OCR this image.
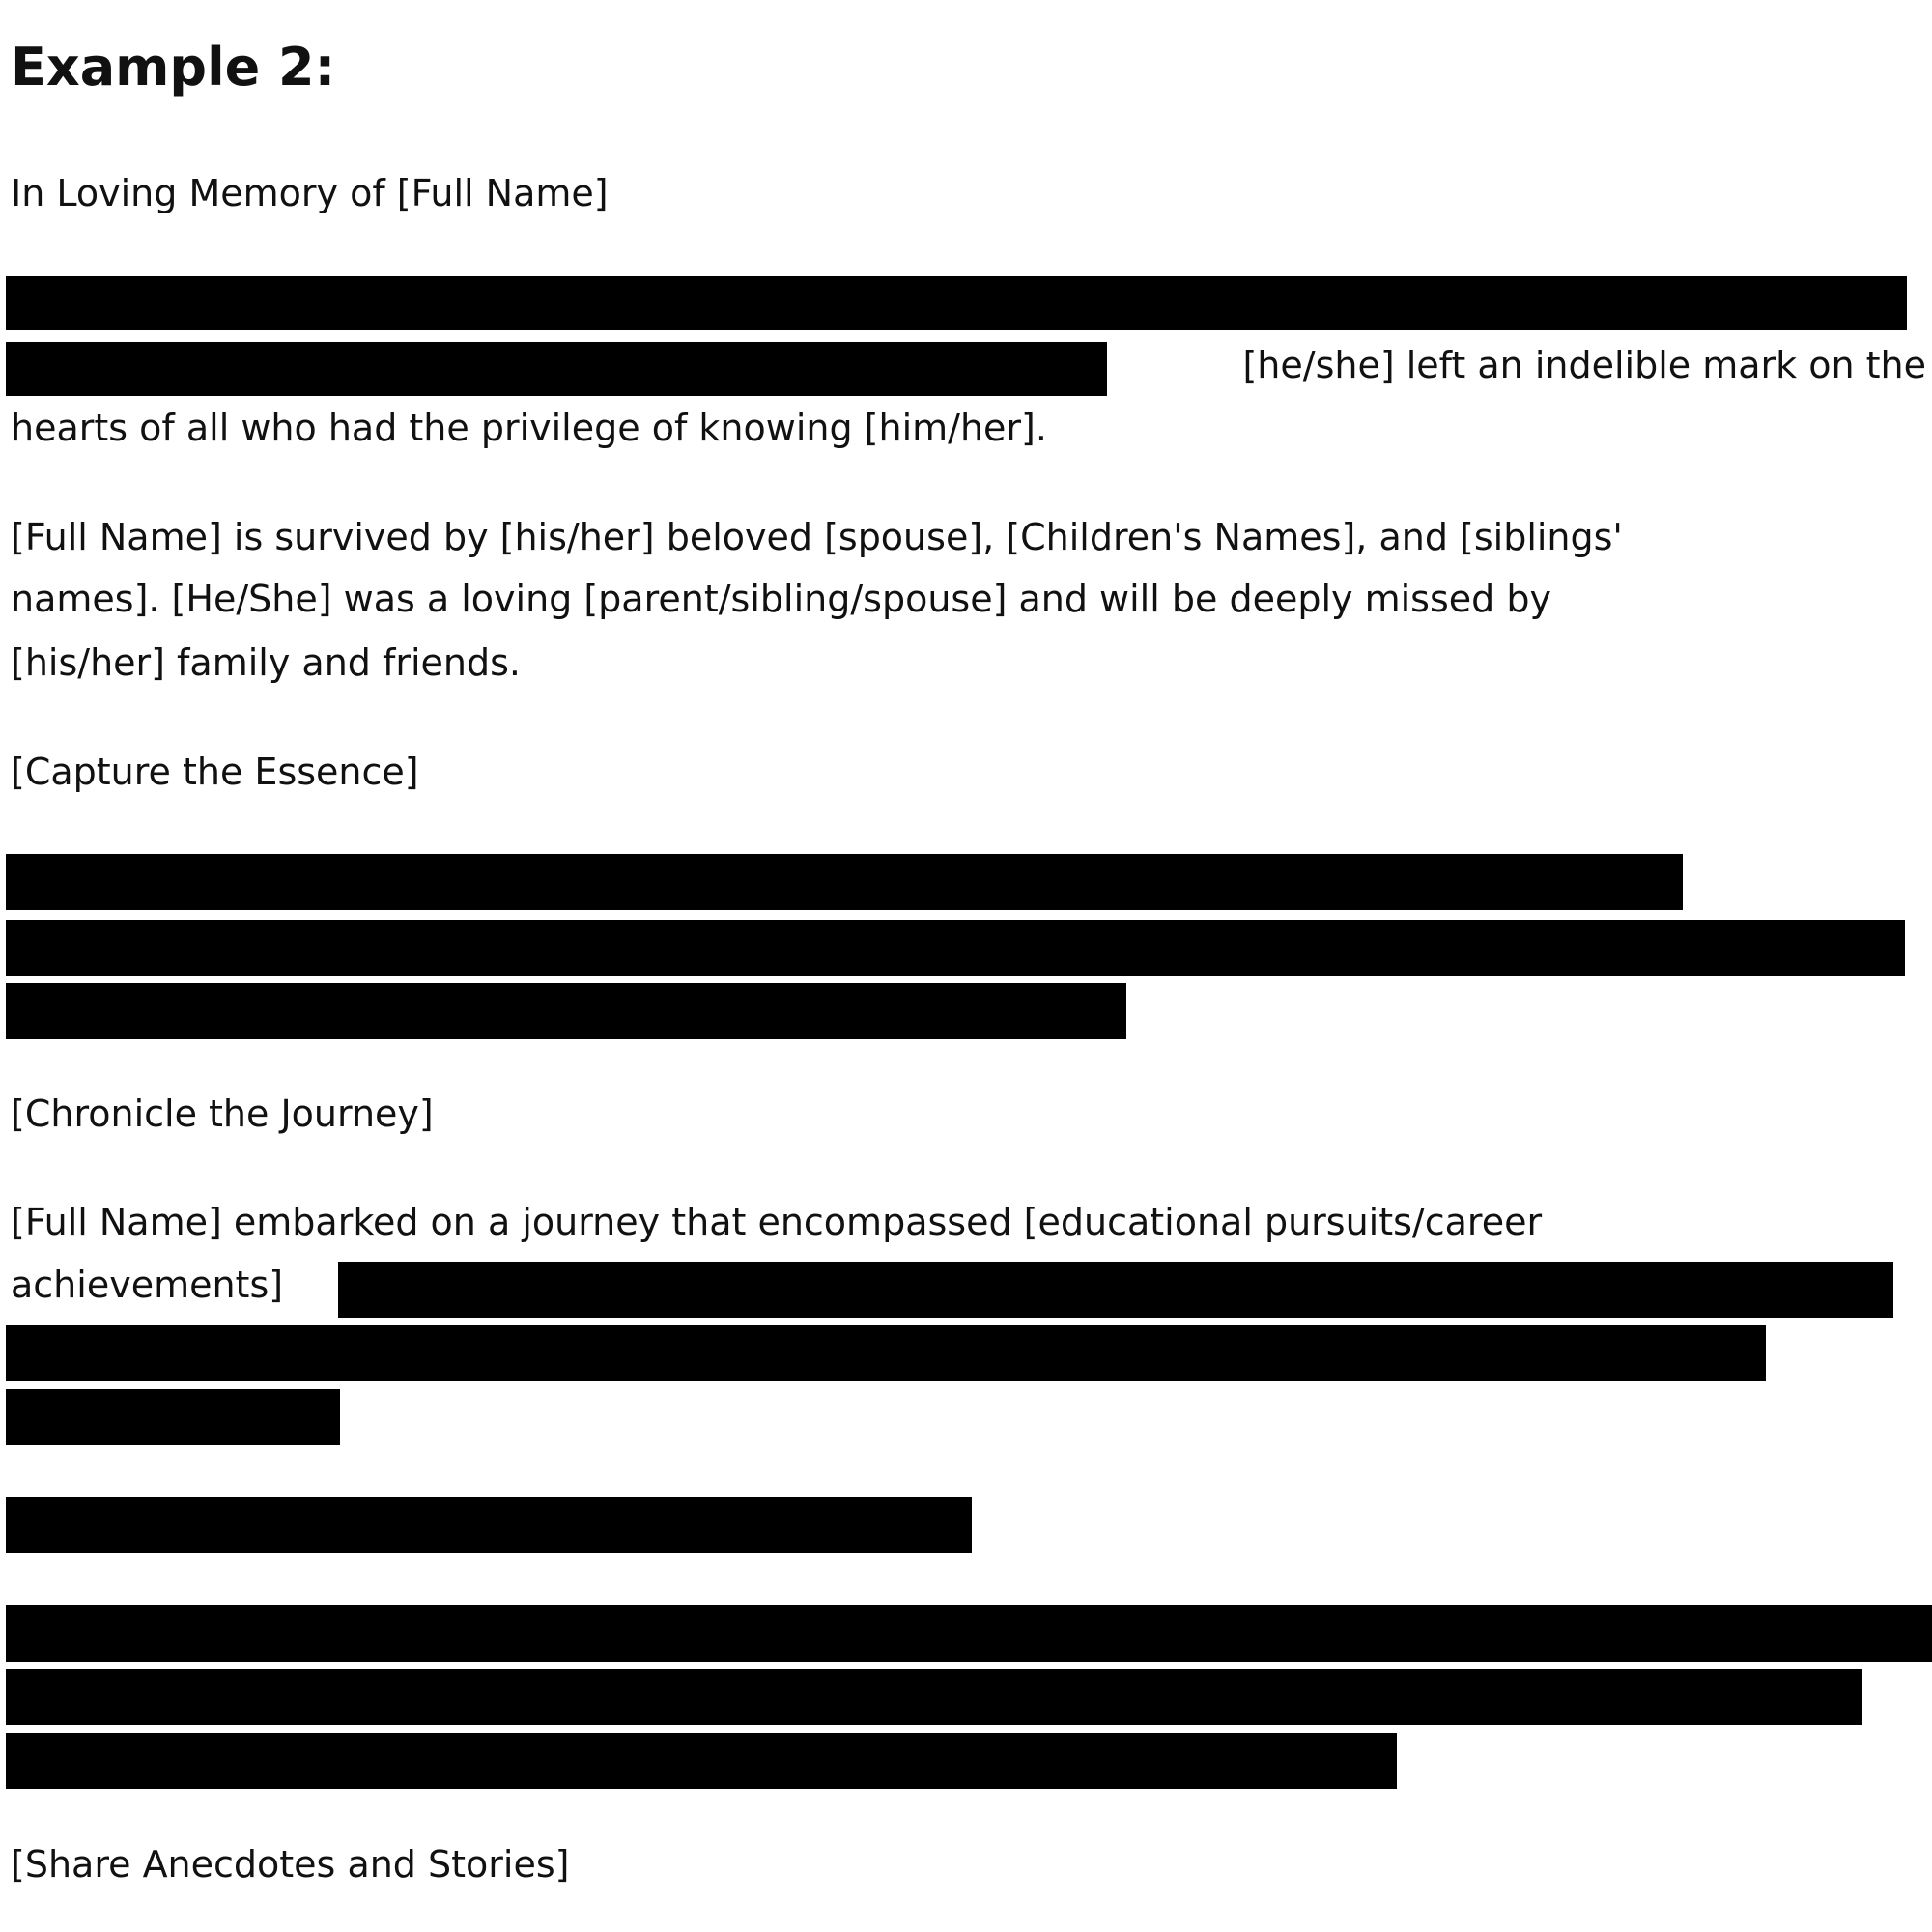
Example 2:

In Loving Memory of [Full Name]

[he/she] left an indelible mark on the

hearts of all who had the privilege of knowing [him/her].

[Full Name] is survived by [his/her] beloved [spouse], [Children's Names], and [siblings'

names]. [He/She] was a loving [parent/sibling/spouse] and will be deeply missed by

[his/her] family and friends.

[Capture the Essence]

[Chronicle the Journey]

[Full Name] embarked on a journey that encompassed [educational pursuits/career

achievements]

[Share Anecdotes and Stories]
